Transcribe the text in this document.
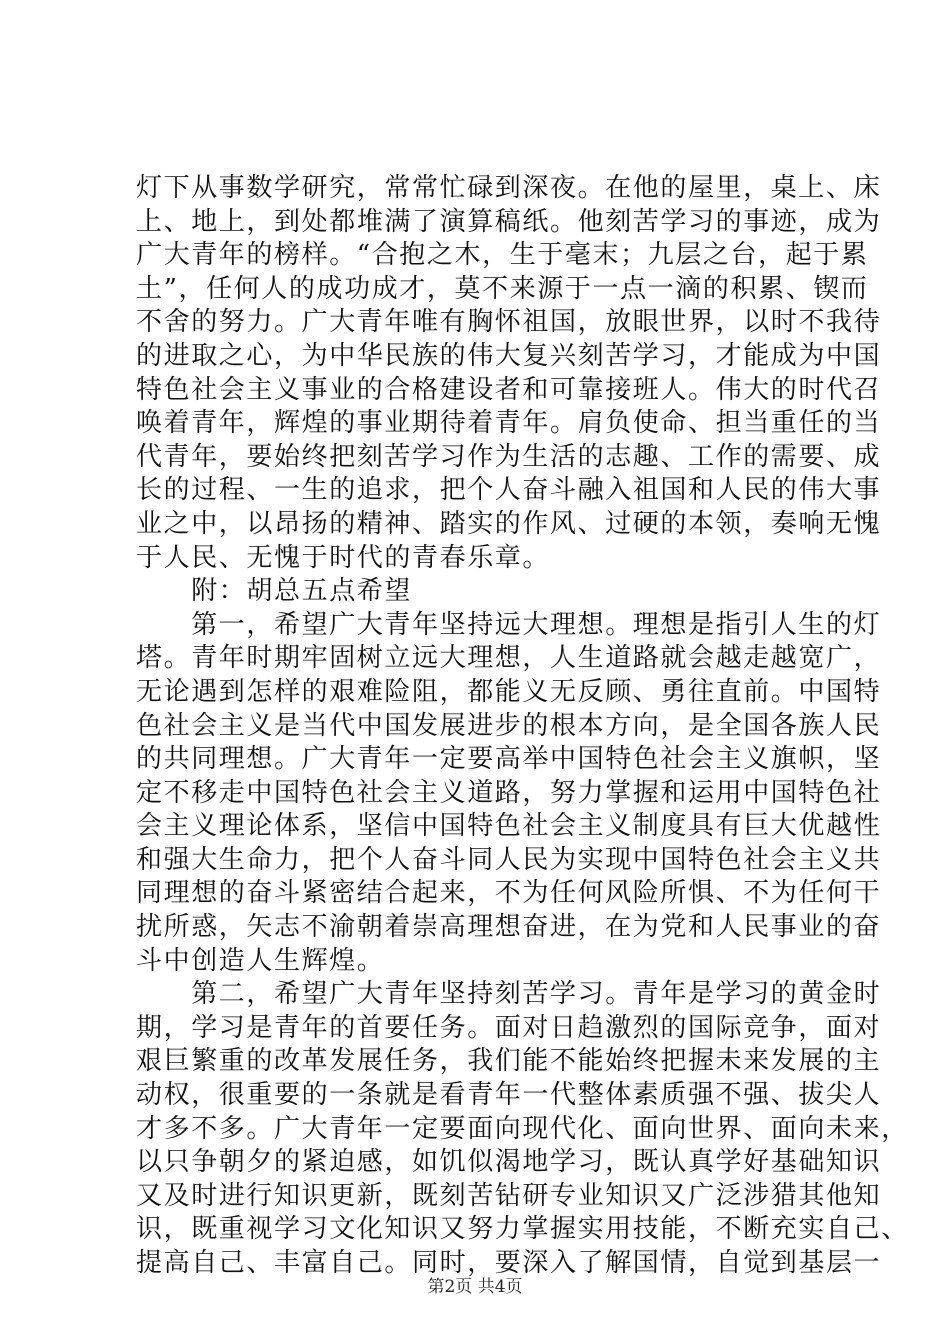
灯下从事数学研究，常常忙碌到深夜。在他的屋里，桌上、床
上、地上，到处都堆满了演算稿纸。他刻苦学习的事迹，成为
广大青年的榜样。“合抱之木，生于毫末；九层之台，起于累
土”，任何人的成功成才，莫不来源于一点一滴的积累、锲而
不舍的努力。广大青年唯有胸怀祖国，放眼世界，以时不我待
的进取之心，为中华民族的伟大复兴刻苦学习，才能成为中国
特色社会主义事业的合格建设者和可靠接班人。伟大的时代召
唤着青年，辉煌的事业期待着青年。肩负使命、担当重任的当
代青年，要始终把刻苦学习作为生活的志趣、工作的需要、成
长的过程、一生的追求，把个人奋斗融入祖国和人民的伟大事
业之中，以昂扬的精神、踏实的作风、过硬的本领，奏响无愧
于人民、无愧于时代的青春乐章。
　　附：胡总五点希望
　　第一，希望广大青年坚持远大理想。理想是指引人生的灯
塔。青年时期牢固树立远大理想，人生道路就会越走越宽广，
无论遇到怎样的艰难险阻，都能义无反顾、勇往直前。中国特
色社会主义是当代中国发展进步的根本方向，是全国各族人民
的共同理想。广大青年一定要高举中国特色社会主义旗帜，坚
定不移走中国特色社会主义道路，努力掌握和运用中国特色社
会主义理论体系，坚信中国特色社会主义制度具有巨大优越性
和强大生命力，把个人奋斗同人民为实现中国特色社会主义共
同理想的奋斗紧密结合起来，不为任何风险所惧、不为任何干
扰所惑，矢志不渝朝着崇高理想奋进，在为党和人民事业的奋
斗中创造人生辉煌。
　　第二，希望广大青年坚持刻苦学习。青年是学习的黄金时
期，学习是青年的首要任务。面对日趋激烈的国际竞争，面对
艰巨繁重的改革发展任务，我们能不能始终把握未来发展的主
动权，很重要的一条就是看青年一代整体素质强不强、拔尖人
才多不多。广大青年一定要面向现代化、面向世界、面向未来，
以只争朝夕的紧迫感，如饥似渴地学习，既认真学好基础知识
又及时进行知识更新，既刻苦钻研专业知识又广泛涉猎其他知
识，既重视学习文化知识又努力掌握实用技能，不断充实自己、
提高自己、丰富自己。同时，要深入了解国情，自觉到基层一
第2页 共4页
